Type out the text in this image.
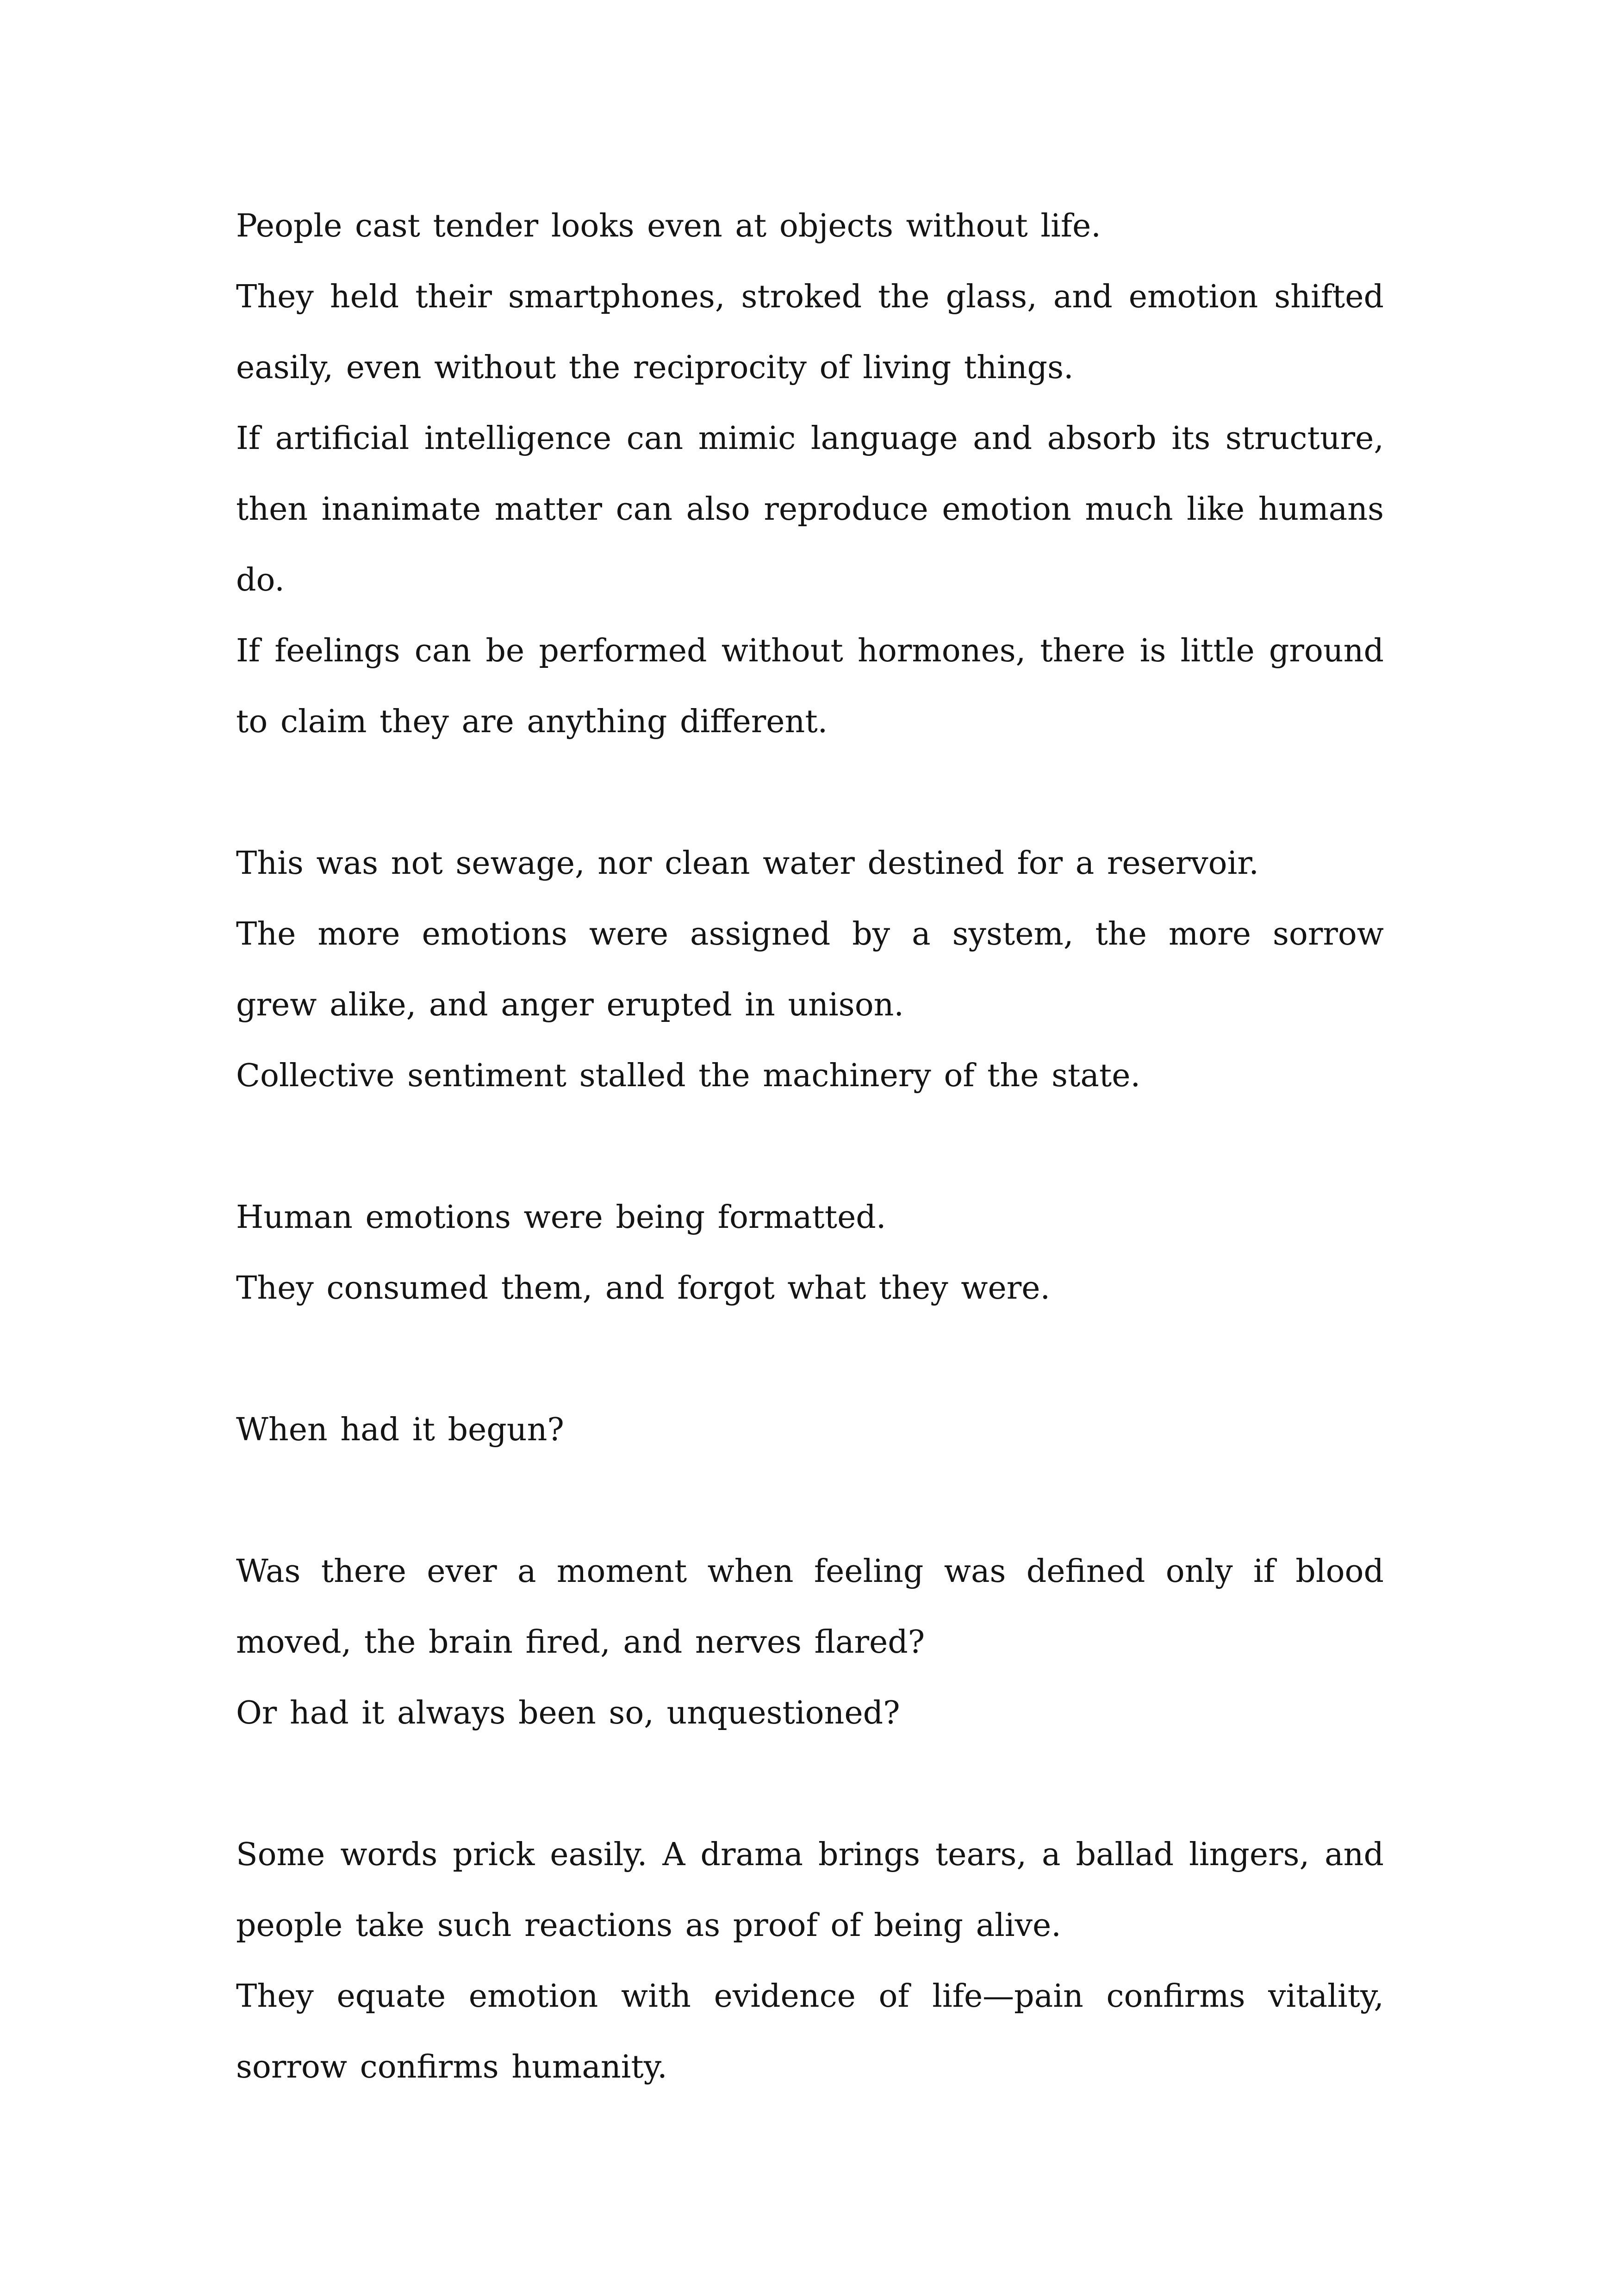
People cast tender looks even at objects without life.

They held their smartphones, stroked the glass, and emotion shifted easily, even without the reciprocity of living things.

If artificial intelligence can mimic language and absorb its structure, then inanimate matter can also reproduce emotion much like humans do.

If feelings can be performed without hormones, there is little ground to claim they are anything different.

This was not sewage, nor clean water destined for a reservoir.

The more emotions were assigned by a system, the more sorrow grew alike, and anger erupted in unison.

Collective sentiment stalled the machinery of the state.

Human emotions were being formatted.

They consumed them, and forgot what they were.

When had it begun?

Was there ever a moment when feeling was defined only if blood moved, the brain fired, and nerves flared?

Or had it always been so, unquestioned?

Some words prick easily. A drama brings tears, a ballad lingers, and people take such reactions as proof of being alive.

They equate emotion with evidence of life—pain confirms vitality, sorrow confirms humanity.
